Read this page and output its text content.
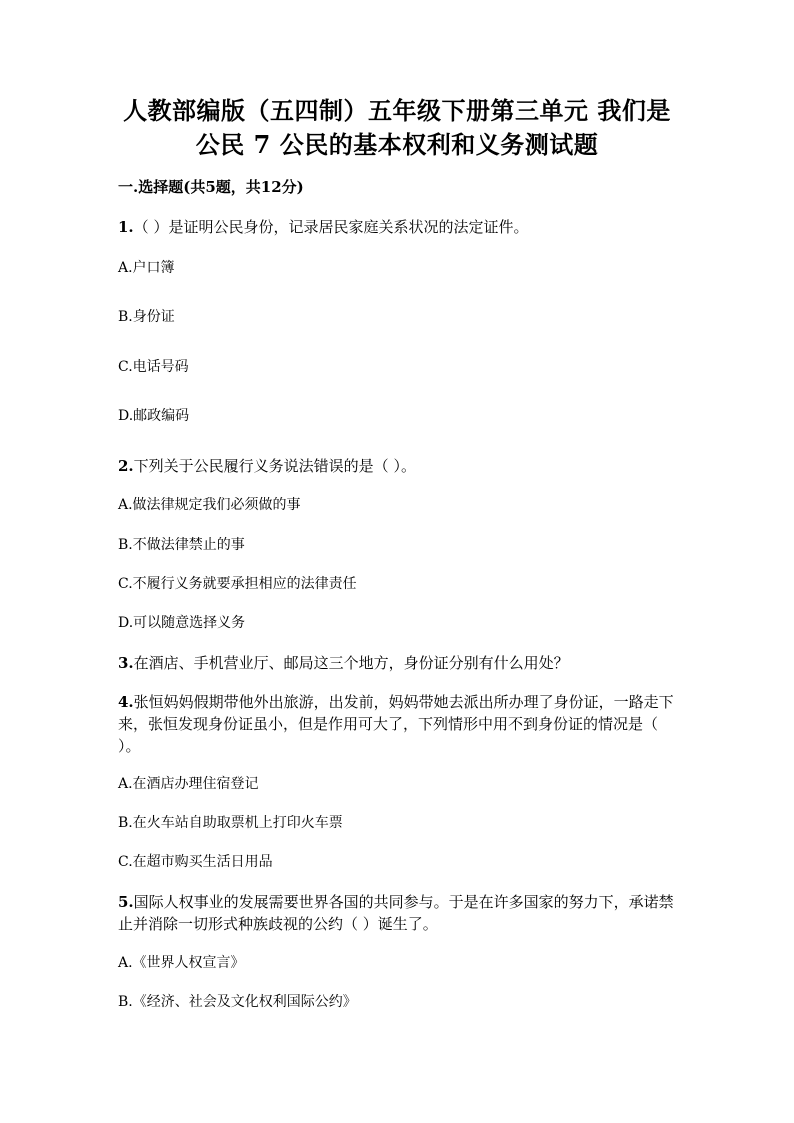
人教部编版（五四制）五年级下册第三单元 我们是
公民 7 公民的基本权利和义务测试题
一.选择题(共5题，共12分)
1.（ ）是证明公民身份，记录居民家庭关系状况的法定证件。
A.户口簿
B.身份证
C.电话号码
D.邮政编码
2.下列关于公民履行义务说法错误的是（ ）。
A.做法律规定我们必须做的事
B.不做法律禁止的事
C.不履行义务就要承担相应的法律责任
D.可以随意选择义务
3.在酒店、手机营业厅、邮局这三个地方，身份证分别有什么用处？
4.张恒妈妈假期带他外出旅游，出发前，妈妈带她去派出所办理了身份证，一路走下来，张恒发现身份证虽小，但是作用可大了，下列情形中用不到身份证的情况是（ ）。
A.在酒店办理住宿登记
B.在火车站自助取票机上打印火车票
C.在超市购买生活日用品
5.国际人权事业的发展需要世界各国的共同参与。于是在许多国家的努力下，承诺禁止并消除一切形式种族歧视的公约（ ）诞生了。
A.《世界人权宣言》
B.《经济、社会及文化权利国际公约》
